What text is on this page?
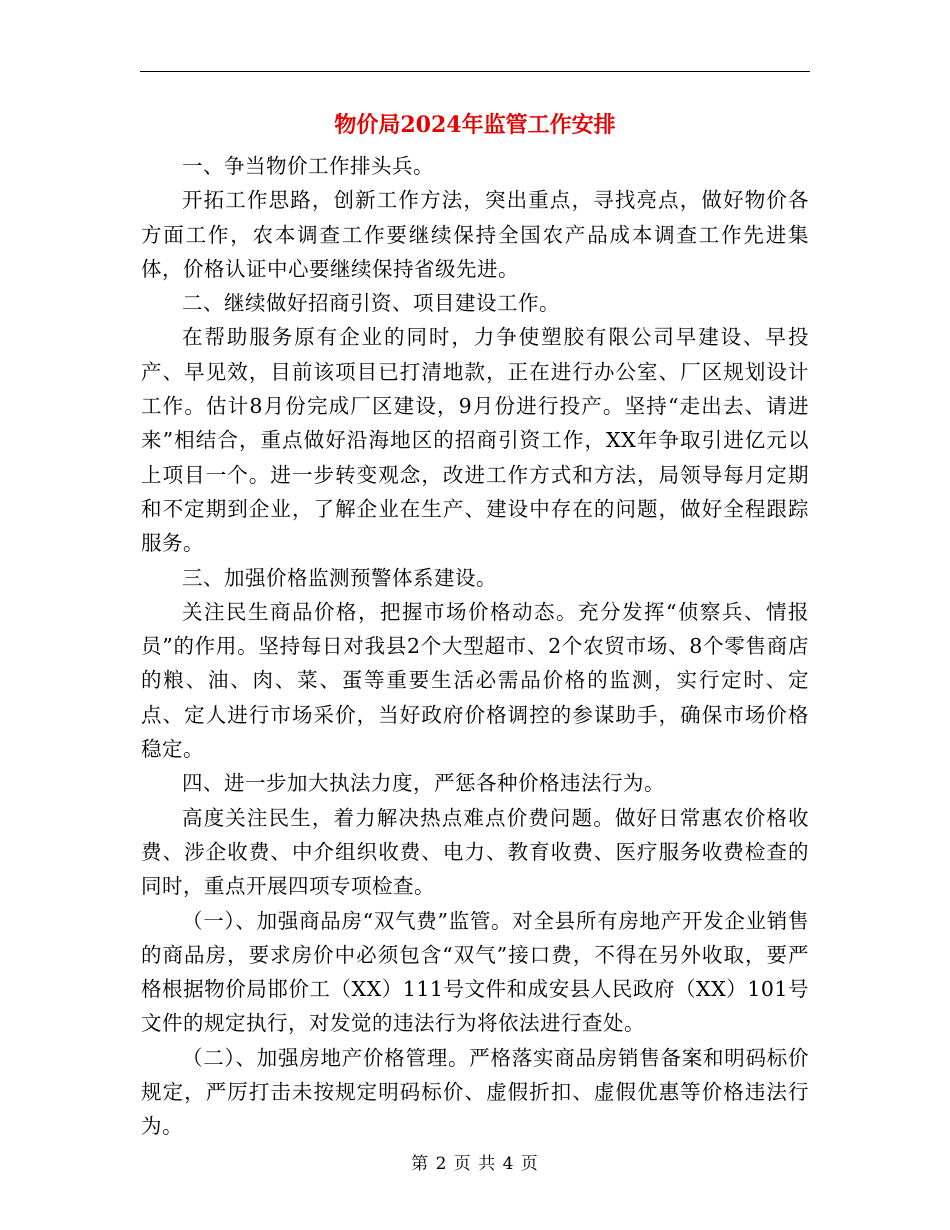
物价局2024年监管工作安排

一、争当物价工作排头兵。

开拓工作思路，创新工作方法，突出重点，寻找亮点，做好物价各方面工作，农本调查工作要继续保持全国农产品成本调查工作先进集体，价格认证中心要继续保持省级先进。

二、继续做好招商引资、项目建设工作。

在帮助服务原有企业的同时，力争使塑胶有限公司早建设、早投产、早见效，目前该项目已打清地款，正在进行办公室、厂区规划设计工作。估计8月份完成厂区建设，9月份进行投产。坚持“走出去、请进来”相结合，重点做好沿海地区的招商引资工作，XX年争取引进亿元以上项目一个。进一步转变观念，改进工作方式和方法，局领导每月定期和不定期到企业，了解企业在生产、建设中存在的问题，做好全程跟踪服务。

三、加强价格监测预警体系建设。

关注民生商品价格，把握市场价格动态。充分发挥“侦察兵、情报员”的作用。坚持每日对我县2个大型超市、2个农贸市场、8个零售商店的粮、油、肉、菜、蛋等重要生活必需品价格的监测，实行定时、定点、定人进行市场采价，当好政府价格调控的参谋助手，确保市场价格稳定。

四、进一步加大执法力度，严惩各种价格违法行为。

高度关注民生，着力解决热点难点价费问题。做好日常惠农价格收费、涉企收费、中介组织收费、电力、教育收费、医疗服务收费检查的同时，重点开展四项专项检查。

（一）、加强商品房“双气费”监管。对全县所有房地产开发企业销售的商品房，要求房价中必须包含“双气”接口费，不得在另外收取，要严格根据物价局邯价工（XX）111号文件和成安县人民政府（XX）101号文件的规定执行，对发觉的违法行为将依法进行查处。

（二）、加强房地产价格管理。严格落实商品房销售备案和明码标价规定，严厉打击未按规定明码标价、虚假折扣、虚假优惠等价格违法行为。

第 2 页 共 4 页
